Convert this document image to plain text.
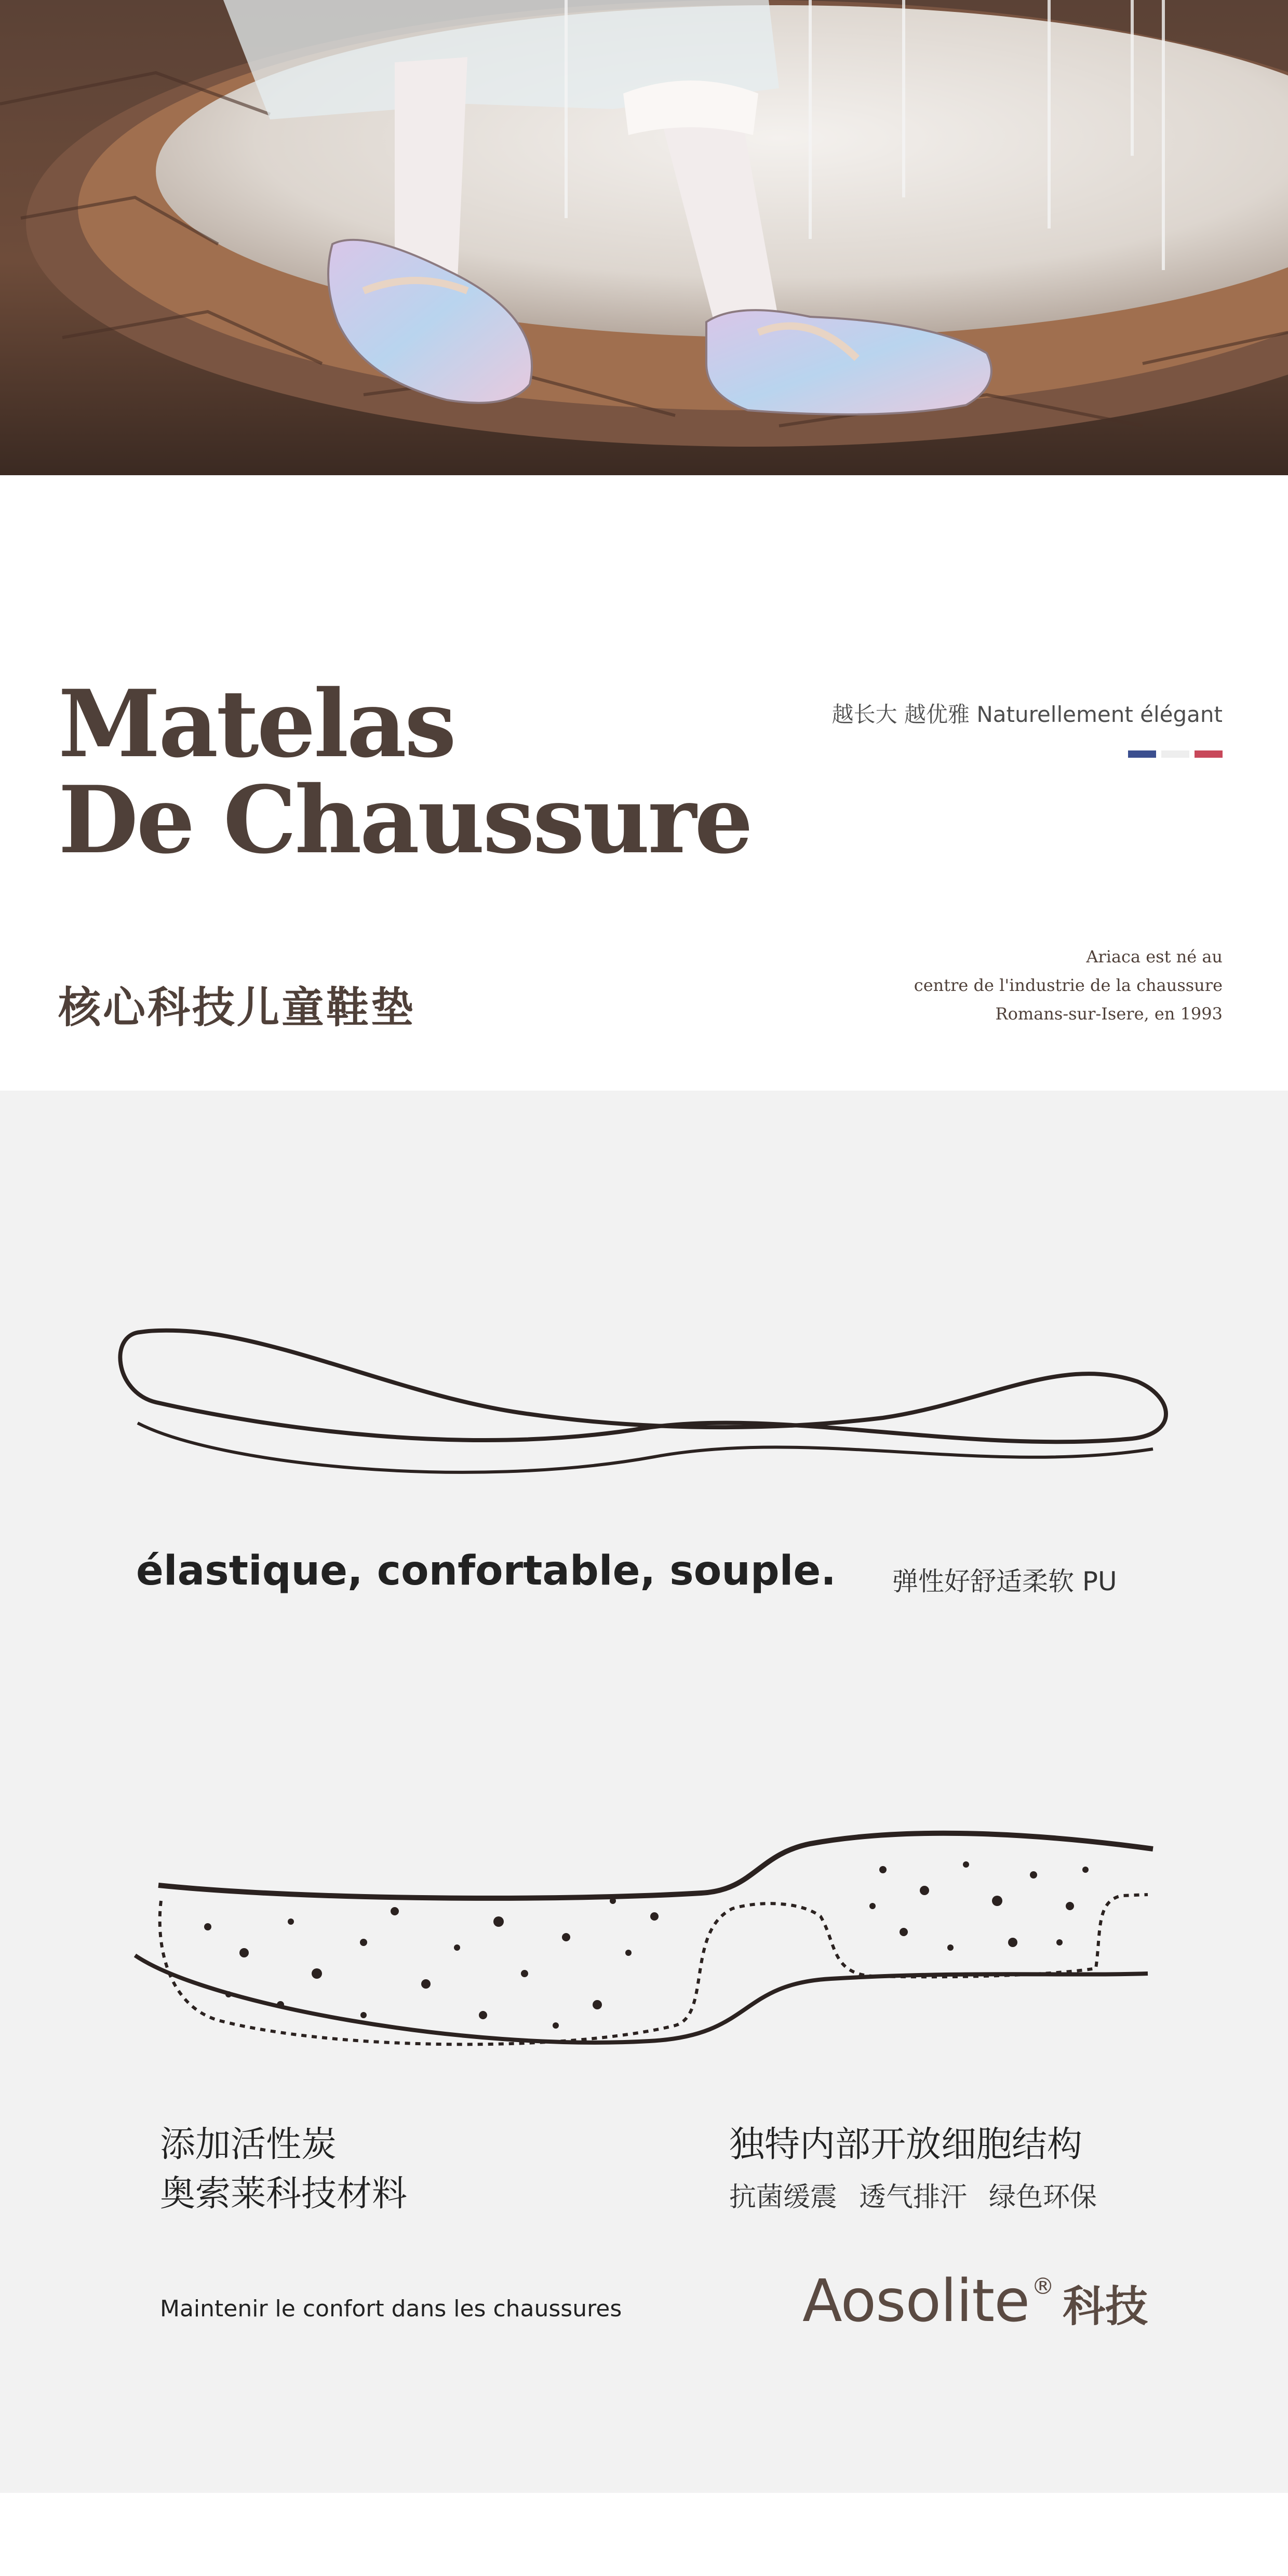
Matelas
De Chaussure
越长大 越优雅 Naturellement élégant
核心科技儿童鞋垫
Ariaca est né au
centre de l'industrie de la chaussure
Romans-sur-Isere, en 1993
élastique, confortable, souple. 弹性好舒适柔软 PU
添加活性炭
奥索莱科技材料
独特内部开放细胞结构
抗菌缓震 透气排汗 绿色环保
Maintenir le confort dans les chaussures	Aosolite ® 科技
